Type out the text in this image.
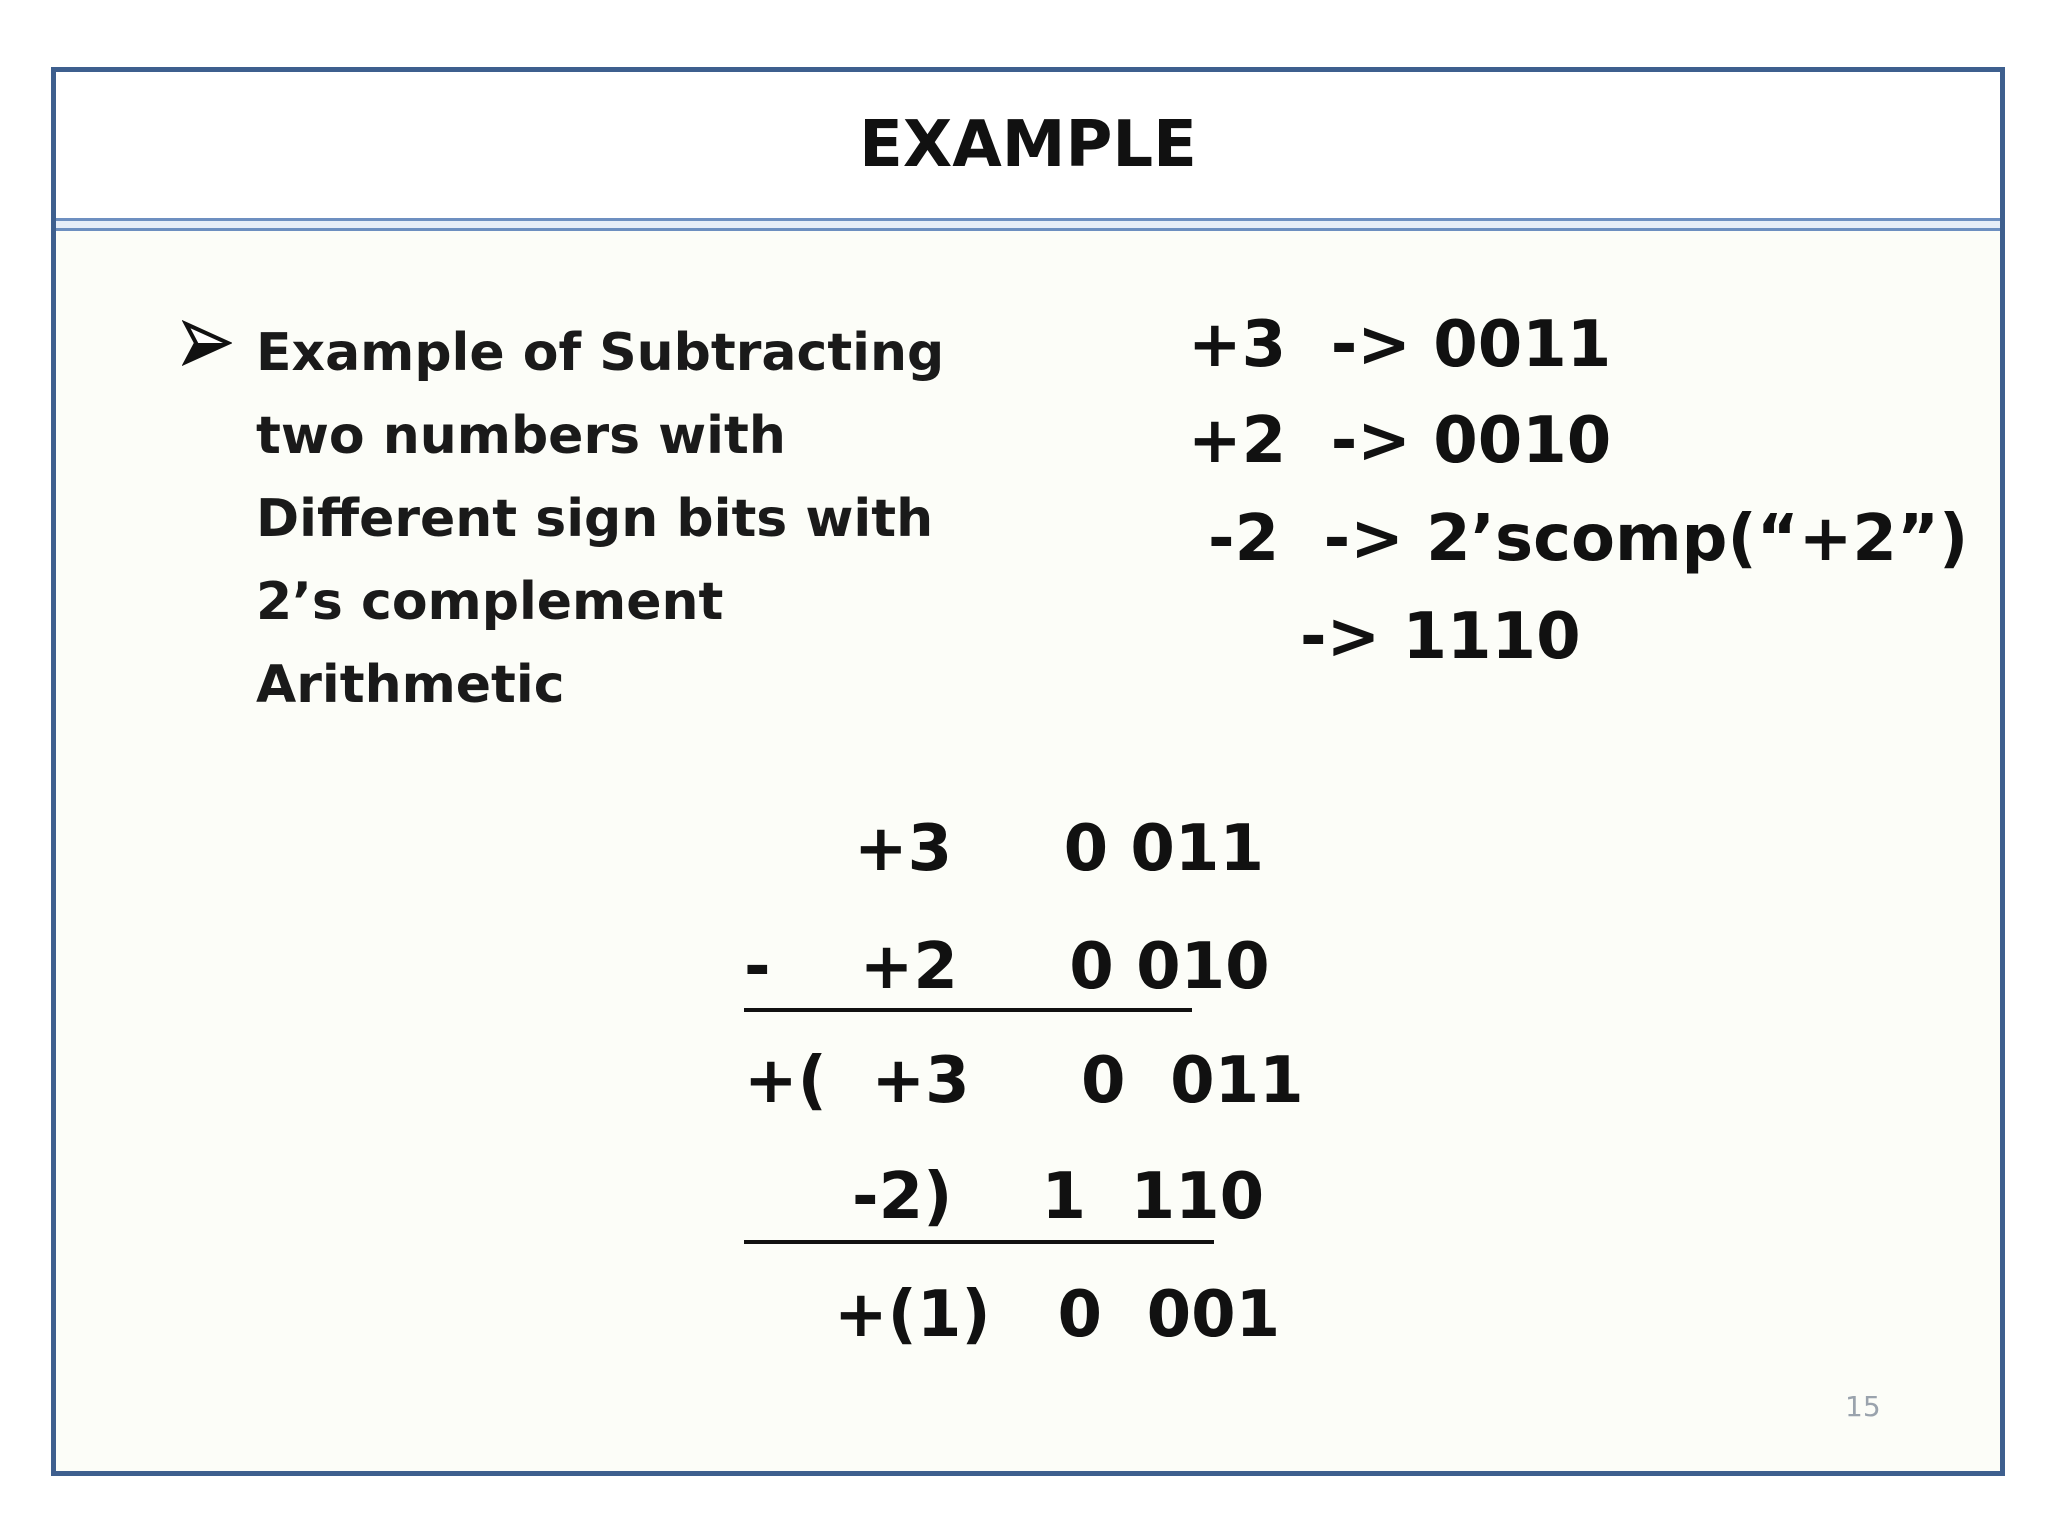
EXAMPLE
Example of Subtracting
two numbers with
Different sign bits with
2’s complement
Arithmetic
+3  -> 0011
+2  -> 0010
-2  -> 2’scomp(“+2”)
-> 1110
+3     0 011
-    +2     0 010
+(  +3     0  011
-2)    1  110
+(1)   0  001
15
